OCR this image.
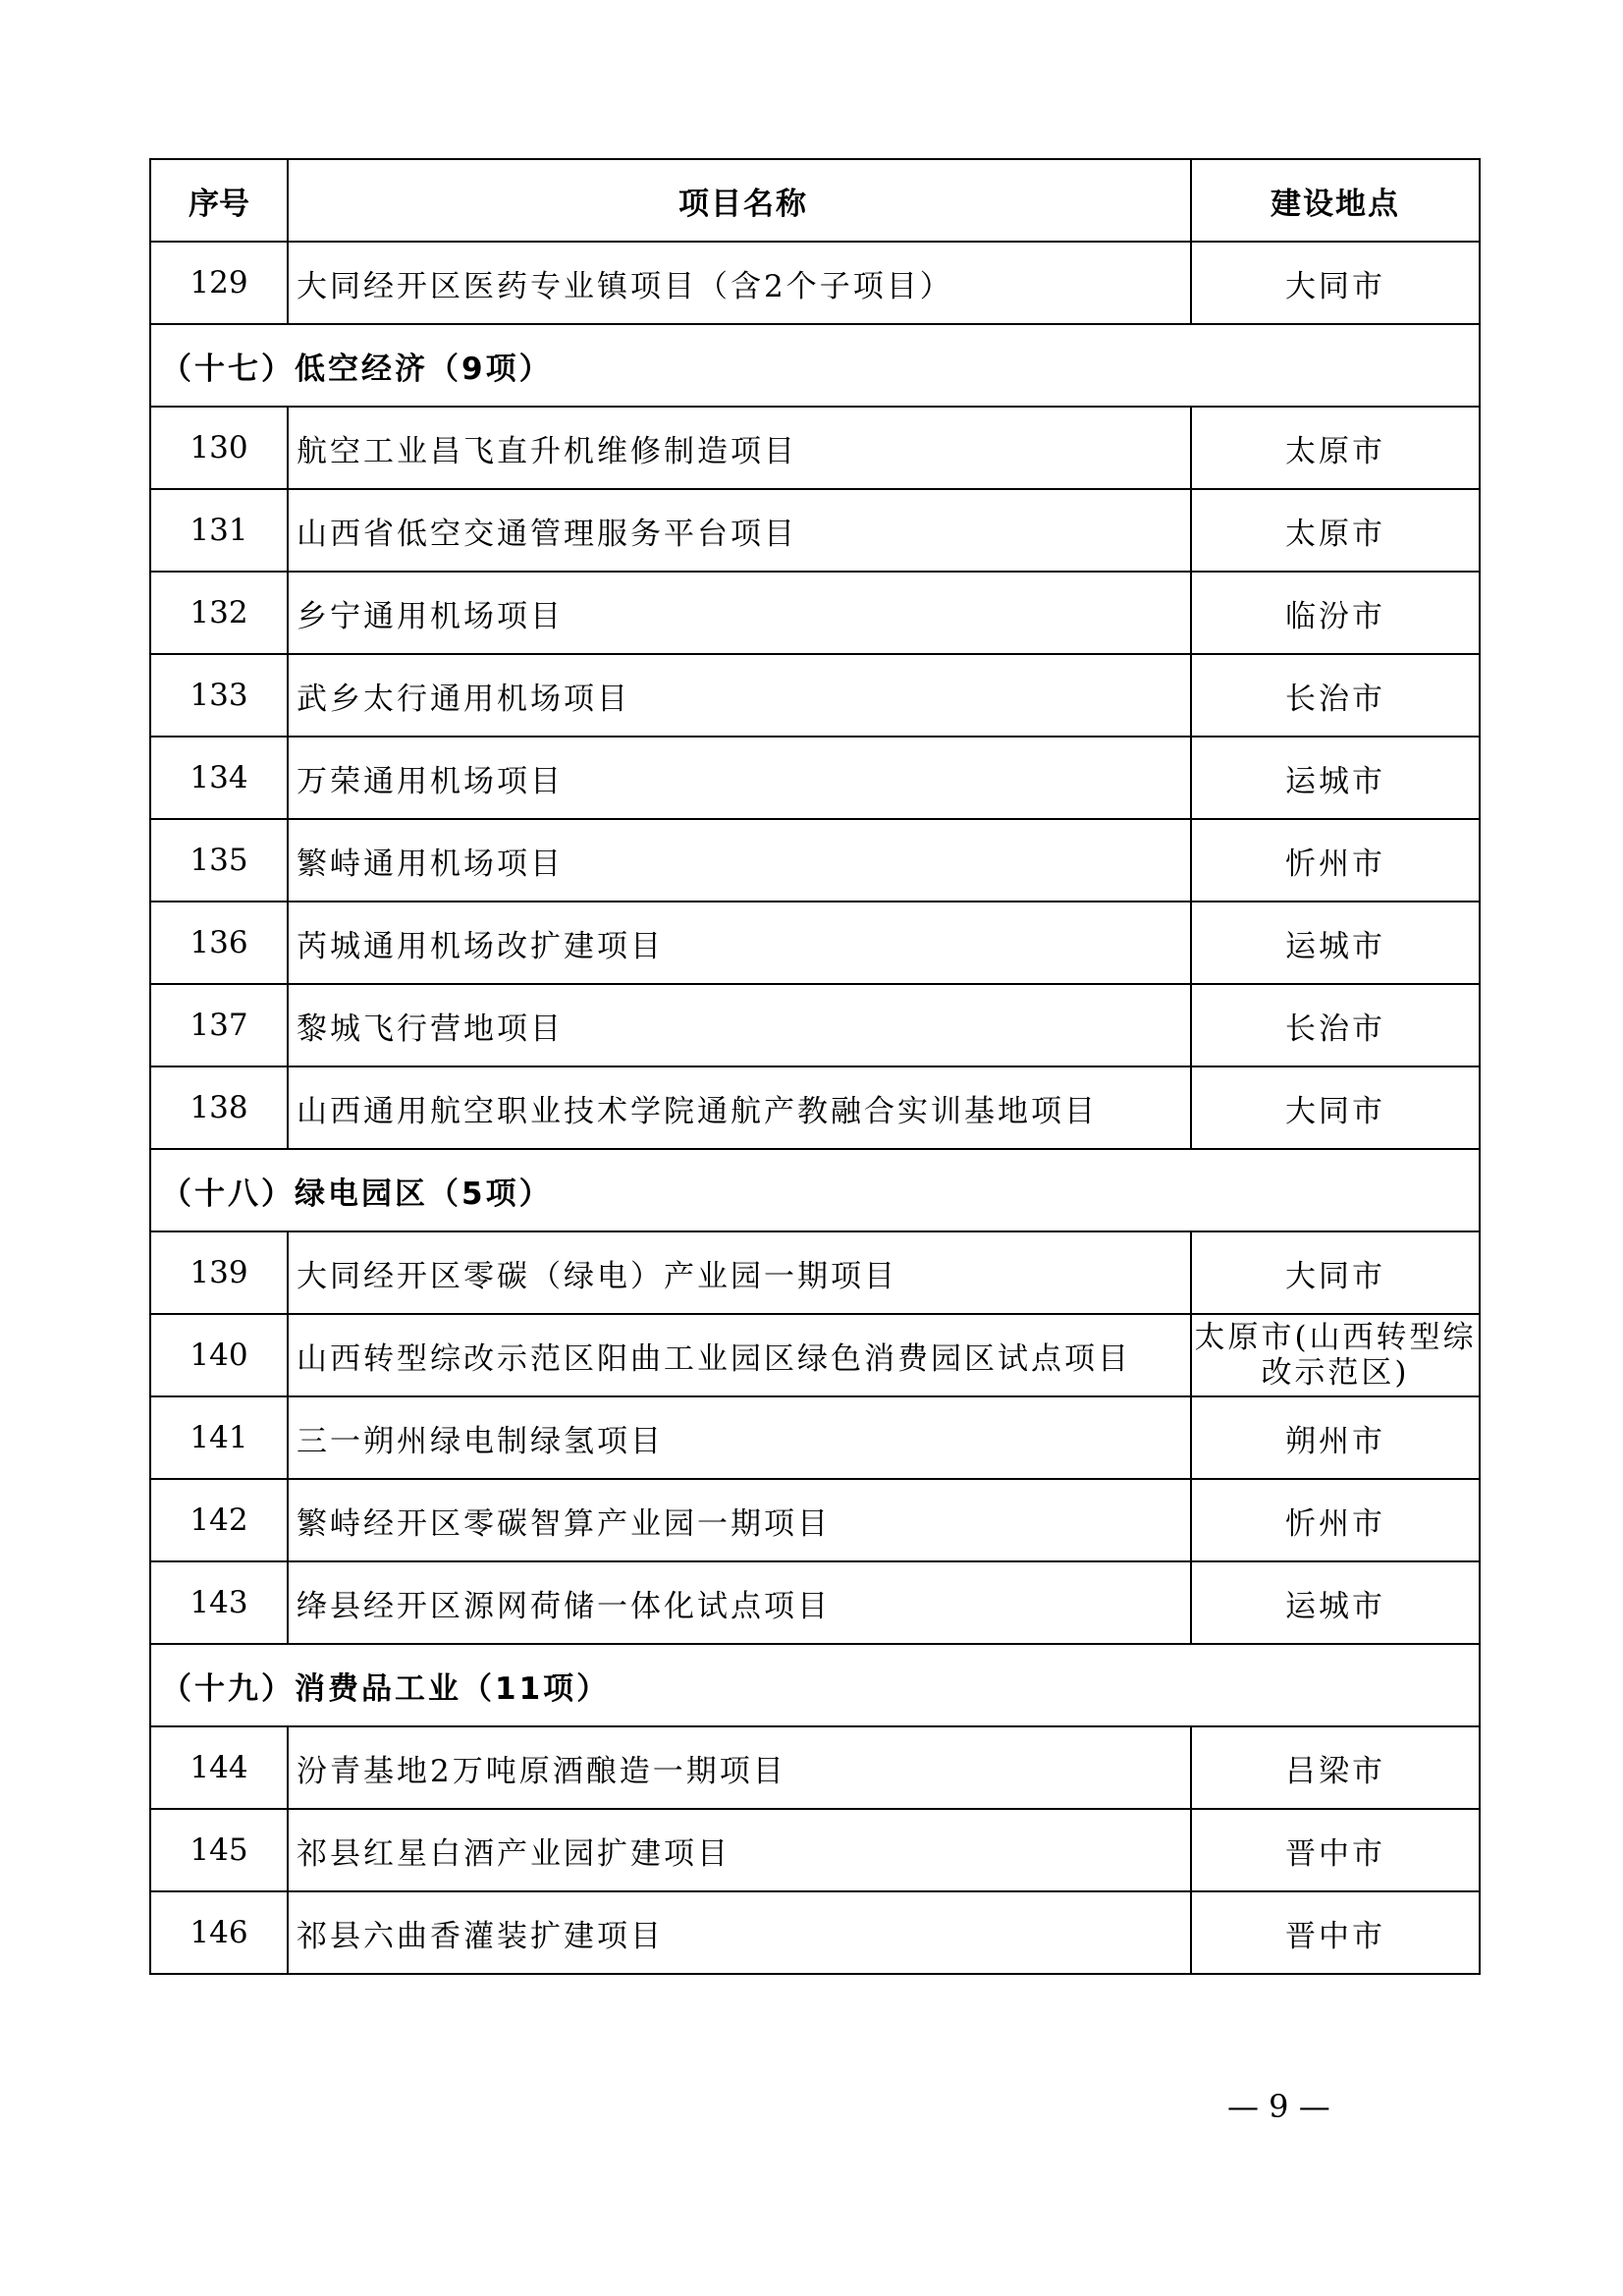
序号	项目名称	建设地点
129	大同经开区医药专业镇项目（含2个子项目）	大同市
（十七）低空经济（9项）		
130	航空工业昌飞直升机维修制造项目	太原市
131	山西省低空交通管理服务平台项目	太原市
132	乡宁通用机场项目	临汾市
133	武乡太行通用机场项目	长治市
134	万荣通用机场项目	运城市
135	繁峙通用机场项目	忻州市
136	芮城通用机场改扩建项目	运城市
137	黎城飞行营地项目	长治市
138	山西通用航空职业技术学院通航产教融合实训基地项目	大同市
（十八）绿电园区（5项）		
139	大同经开区零碳（绿电）产业园一期项目	大同市
140	山西转型综改示范区阳曲工业园区绿色消费园区试点项目	太原市(山西转型综改示范区)
141	三一朔州绿电制绿氢项目	朔州市
142	繁峙经开区零碳智算产业园一期项目	忻州市
143	绛县经开区源网荷储一体化试点项目	运城市
（十九）消费品工业（11项）		
144	汾青基地2万吨原酒酿造一期项目	吕梁市
145	祁县红星白酒产业园扩建项目	晋中市
146	祁县六曲香灌装扩建项目	晋中市
— 9 —
